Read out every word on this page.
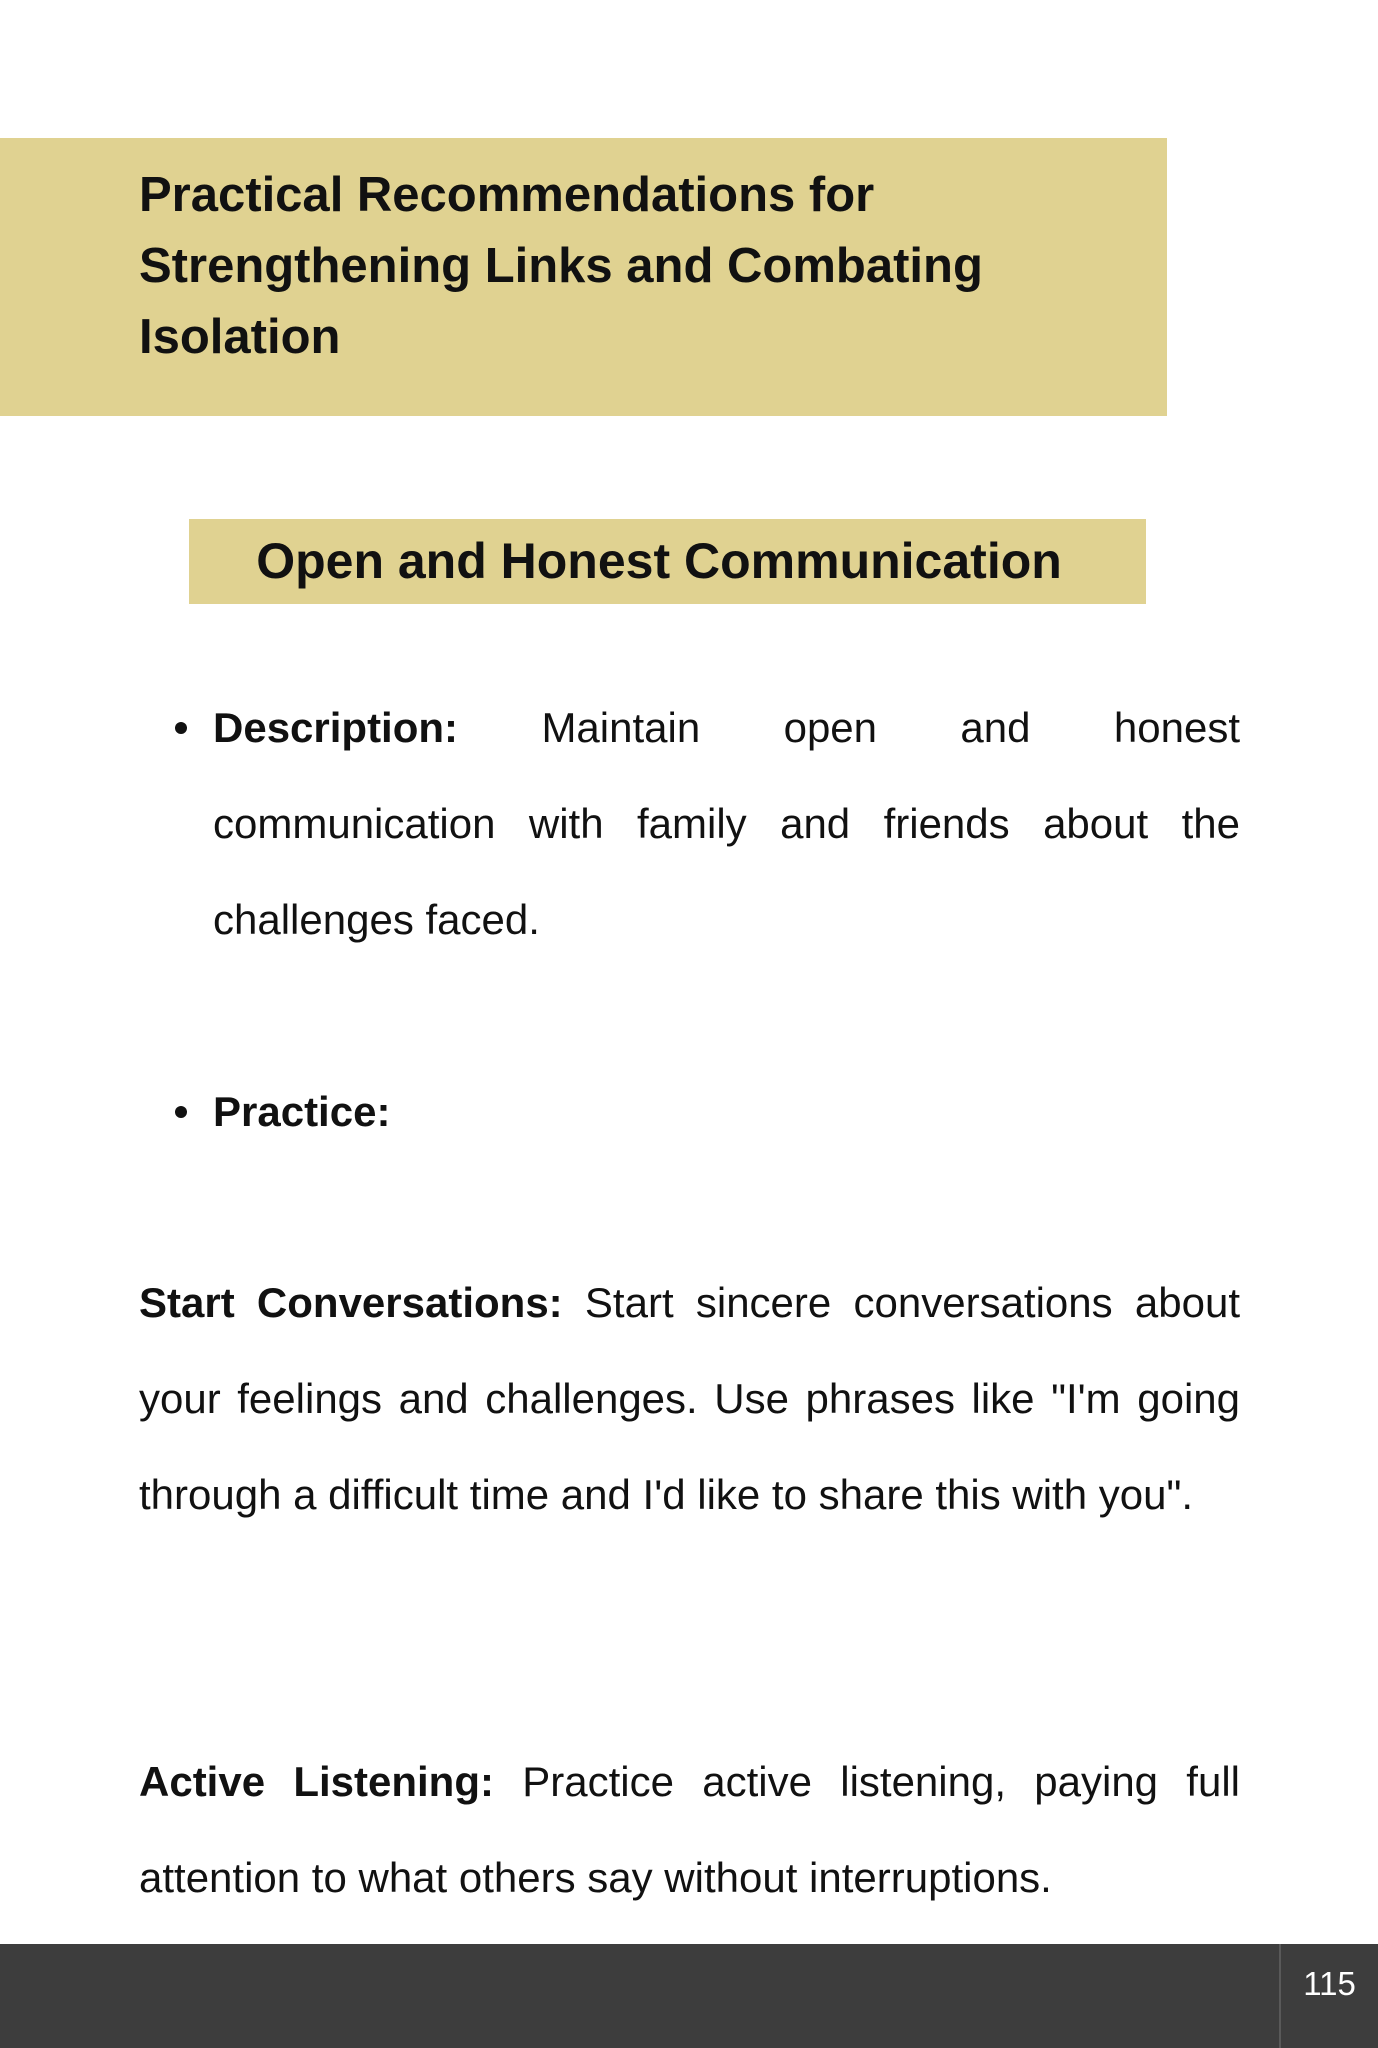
Practical Recommendations for Strengthening Links and Combating Isolation
Open and Honest Communication

Description: Maintain open and honest communication with family and friends about the challenges faced.

Practice:

Start Conversations: Start sincere conversations about your feelings and challenges. Use phrases like "I'm going through a difficult time and I'd like to share this with you".

Active Listening: Practice active listening, paying full attention to what others say without interruptions.

115
